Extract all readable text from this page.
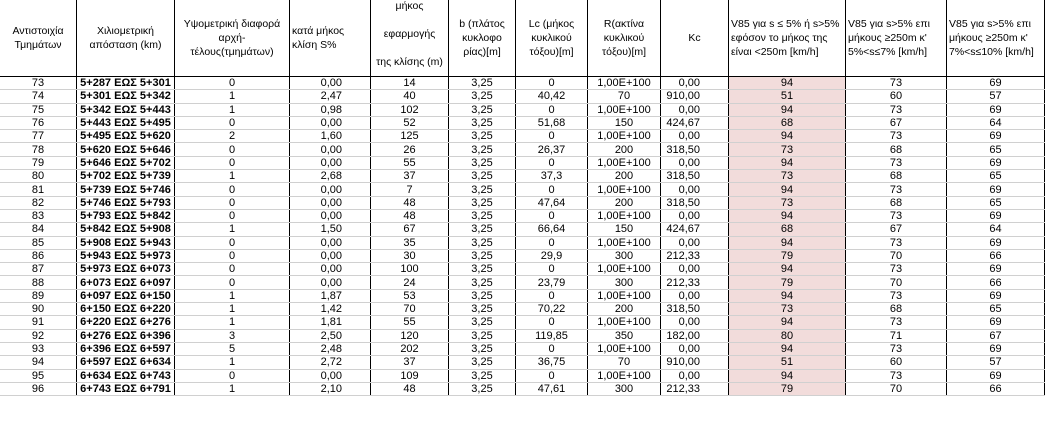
Αντιστοιχία Τμημάτων	Χιλιομετρική απόσταση (km)	Υψομετρική διαφορά αρχή-τέλους(τμημάτων)	κατά μήκος κλίση S%	μήκος
εφαρμογής
της κλίσης (m)	b (πλάτος κυκλοφο ρίας)[m]	Lc (μήκος κυκλικού τόξου)[m]	R(ακτίνα κυκλικού τόξου)[m]	Kc	V85 για s ≤ 5% ή s>5% εφόσον το μήκος της είναι <250m [km/h]	V85 για s>5% επι μήκους ≥250m κ' 5%<s≤7% [km/h]	V85 για s>5% επι μήκους ≥250m κ' 7%<s≤10% [km/h]
73	5+287 ΕΩΣ 5+301	0	0,00	14	3,25	0	1,00E+100	0,00	94	73	69
74	5+301 ΕΩΣ 5+342	1	2,47	40	3,25	40,42	70	910,00	51	60	57
75	5+342 ΕΩΣ 5+443	1	0,98	102	3,25	0	1,00E+100	0,00	94	73	69
76	5+443 ΕΩΣ 5+495	0	0,00	52	3,25	51,68	150	424,67	68	67	64
77	5+495 ΕΩΣ 5+620	2	1,60	125	3,25	0	1,00E+100	0,00	94	73	69
78	5+620 ΕΩΣ 5+646	0	0,00	26	3,25	26,37	200	318,50	73	68	65
79	5+646 ΕΩΣ 5+702	0	0,00	55	3,25	0	1,00E+100	0,00	94	73	69
80	5+702 ΕΩΣ 5+739	1	2,68	37	3,25	37,3	200	318,50	73	68	65
81	5+739 ΕΩΣ 5+746	0	0,00	7	3,25	0	1,00E+100	0,00	94	73	69
82	5+746 ΕΩΣ 5+793	0	0,00	48	3,25	47,64	200	318,50	73	68	65
83	5+793 ΕΩΣ 5+842	0	0,00	48	3,25	0	1,00E+100	0,00	94	73	69
84	5+842 ΕΩΣ 5+908	1	1,50	67	3,25	66,64	150	424,67	68	67	64
85	5+908 ΕΩΣ 5+943	0	0,00	35	3,25	0	1,00E+100	0,00	94	73	69
86	5+943 ΕΩΣ 5+973	0	0,00	30	3,25	29,9	300	212,33	79	70	66
87	5+973 ΕΩΣ 6+073	0	0,00	100	3,25	0	1,00E+100	0,00	94	73	69
88	6+073 ΕΩΣ 6+097	0	0,00	24	3,25	23,79	300	212,33	79	70	66
89	6+097 ΕΩΣ 6+150	1	1,87	53	3,25	0	1,00E+100	0,00	94	73	69
90	6+150 ΕΩΣ 6+220	1	1,42	70	3,25	70,22	200	318,50	73	68	65
91	6+220 ΕΩΣ 6+276	1	1,81	55	3,25	0	1,00E+100	0,00	94	73	69
92	6+276 ΕΩΣ 6+396	3	2,50	120	3,25	119,85	350	182,00	80	71	67
93	6+396 ΕΩΣ 6+597	5	2,48	202	3,25	0	1,00E+100	0,00	94	73	69
94	6+597 ΕΩΣ 6+634	1	2,72	37	3,25	36,75	70	910,00	51	60	57
95	6+634 ΕΩΣ 6+743	0	0,00	109	3,25	0	1,00E+100	0,00	94	73	69
96	6+743 ΕΩΣ 6+791	1	2,10	48	3,25	47,61	300	212,33	79	70	66
